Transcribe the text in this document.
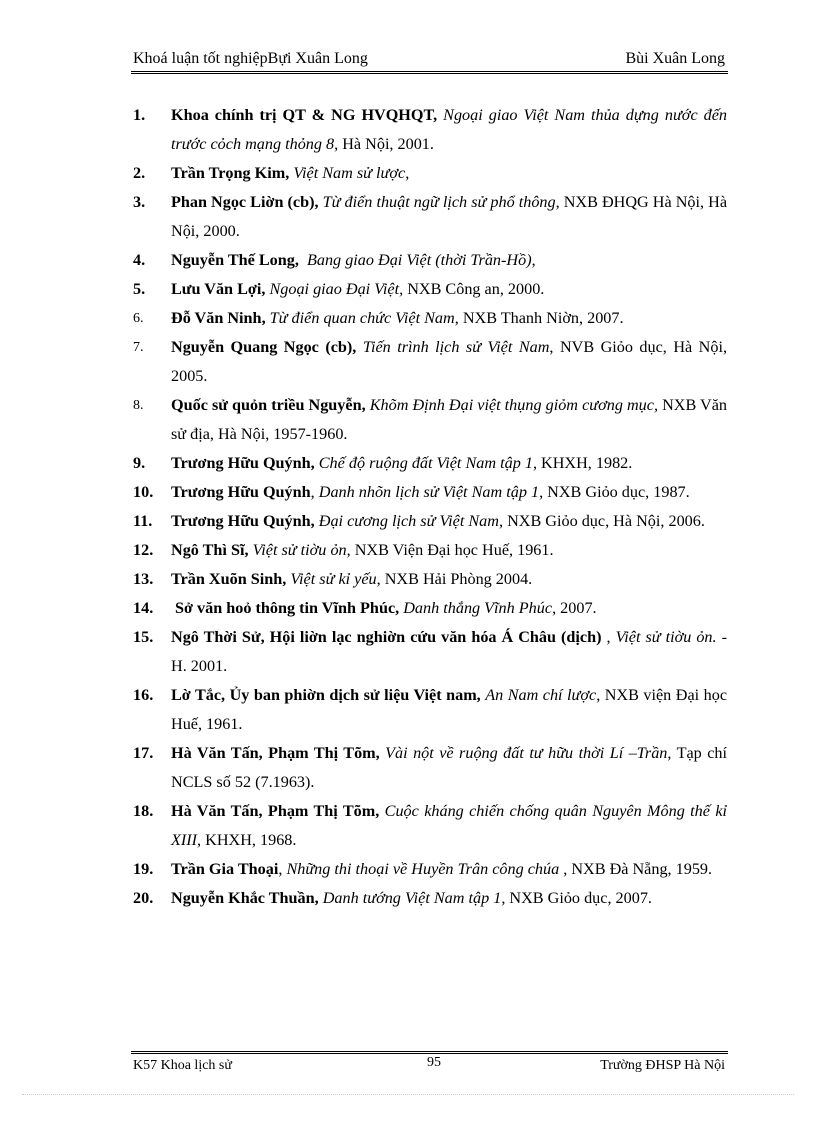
Khoá luận tốt nghiệpBựi Xuân Long	Bùi Xuân Long
1. Khoa chính trị QT & NG HVQHQT, Ngoại giao Việt Nam thủa dựng nước đến trước cỏch mạng thỏng 8, Hà Nội, 2001.
2. Trần Trọng Kim, Việt Nam sử lược,
3. Phan Ngọc Liờn (cb), Từ điển thuật ngữ lịch sử phổ thông, NXB ĐHQG Hà Nội, Hà Nội, 2000.
4. Nguyễn Thế Long, Bang giao Đại Việt (thời Trần-Hồ),
5. Lưu Văn Lợi, Ngoại giao Đại Việt, NXB Công an, 2000.
6. Đỗ Văn Ninh, Từ điển quan chức Việt Nam, NXB Thanh Niờn, 2007.
7. Nguyễn Quang Ngọc (cb), Tiến trình lịch sử Việt Nam, NVB Giỏo dục, Hà Nội, 2005.
8. Quốc sử quỏn triều Nguyễn, Khõm Định Đại việt thụng giỏm cương mục, NXB Văn sử địa, Hà Nội, 1957-1960.
9. Trương Hữu Quýnh, Chế độ ruộng đất Việt Nam tập 1, KHXH, 1982.
10. Trương Hữu Quýnh, Danh nhõn lịch sử Việt Nam tập 1, NXB Giỏo dục, 1987.
11. Trương Hữu Quýnh, Đại cương lịch sử Việt Nam, NXB Giỏo dục, Hà Nội, 2006.
12. Ngô Thì Sĩ, Việt sử tiờu ỏn, NXB Viện Đại học Huế, 1961.
13. Trần Xuõn Sinh, Việt sử kỉ yếu, NXB Hải Phòng 2004.
14. Sở văn hoỏ thông tin Vĩnh Phúc, Danh thắng Vĩnh Phúc, 2007.
15. Ngô Thời Sử, Hội liờn lạc nghiờn cứu văn hóa Á Châu (dịch) , Việt sử tiờu ỏn. - H. 2001.
16. Lờ Tắc, Ủy ban phiờn dịch sử liệu Việt nam, An Nam chí lược, NXB viện Đại học Huế, 1961.
17. Hà Văn Tấn, Phạm Thị Tõm, Vài nột về ruộng đất tư hữu thời Lí –Trần, Tạp chí NCLS số 52 (7.1963).
18. Hà Văn Tấn, Phạm Thị Tõm, Cuộc kháng chiến chống quân Nguyên Mông thế kỉ XIII, KHXH, 1968.
19. Trần Gia Thoại, Những thi thoại về Huyền Trân công chúa , NXB Đà Nẵng, 1959.
20. Nguyễn Khắc Thuần, Danh tướng Việt Nam tập 1, NXB Giỏo dục, 2007.
K57 Khoa lịch sử	95	Trường ĐHSP Hà Nội
